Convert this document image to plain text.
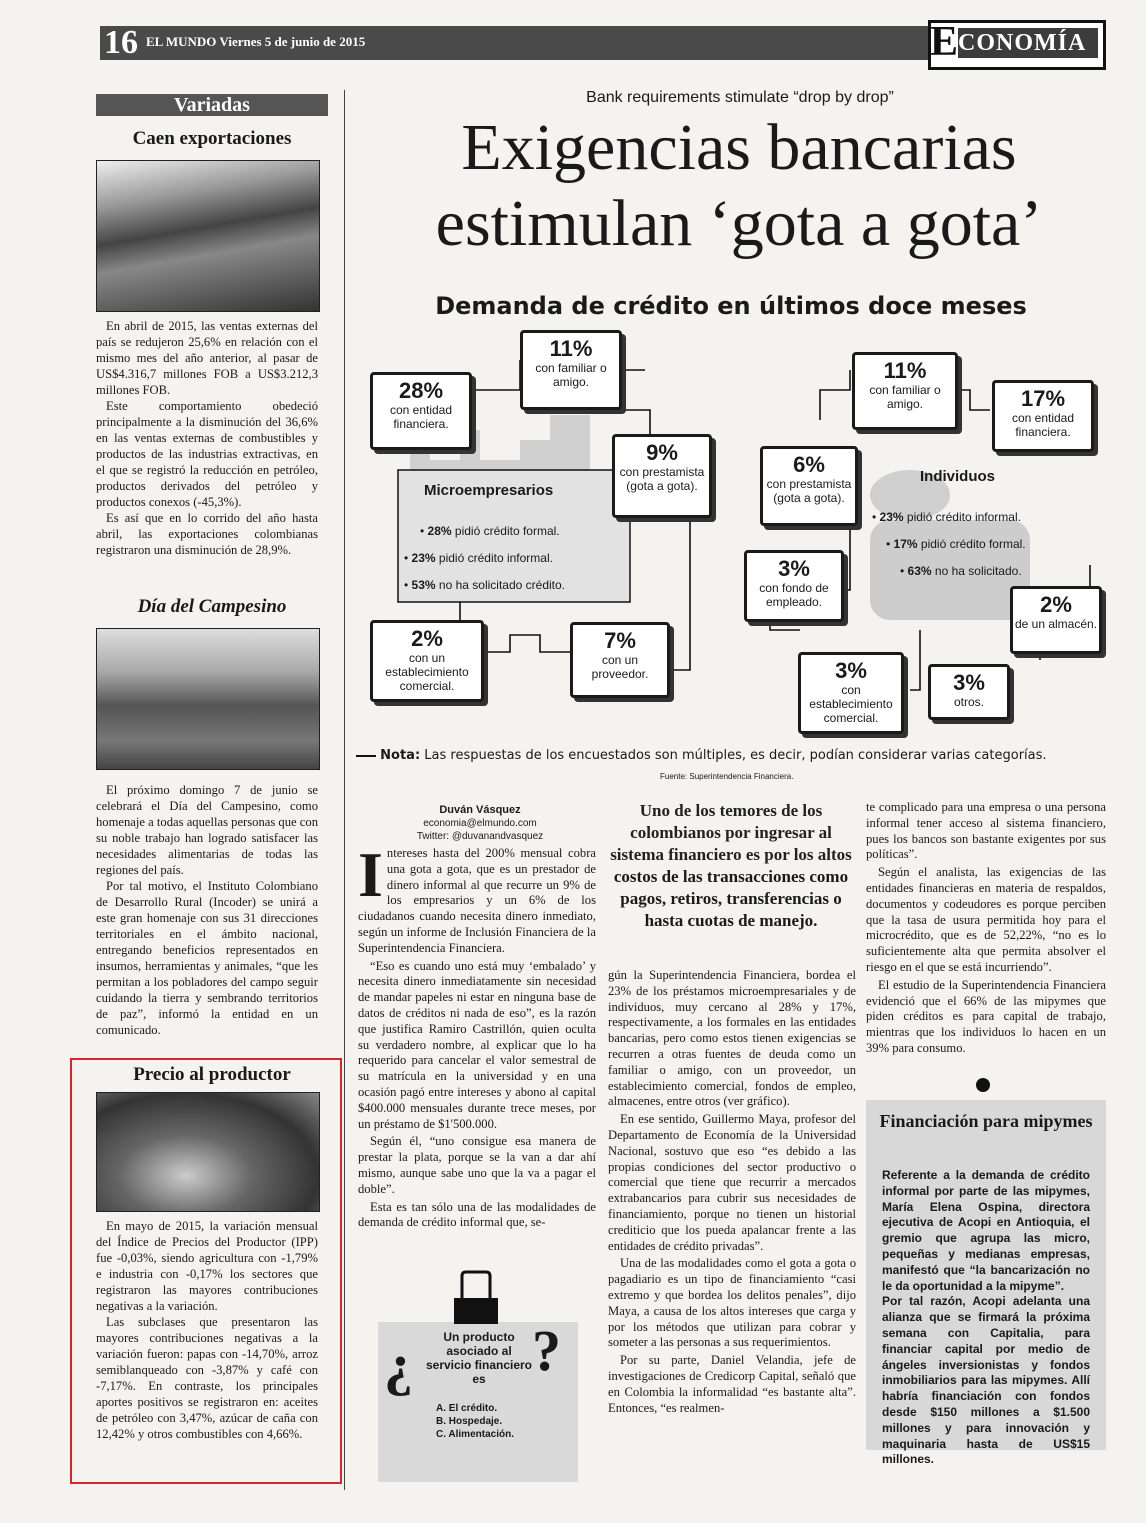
16 EL MUNDO Viernes 5 de junio de 2015	E CONOMÍA
Variadas
Caen exportaciones

En abril de 2015, las ventas externas del país se redujeron 25,6% en relación con el mismo mes del año anterior, al pasar de US$4.316,7 millones FOB a US$3.212,3 millones FOB.

Este comportamiento obedeció principalmente a la disminución del 36,6% en las ventas externas de combustibles y productos de las industrias extractivas, en el que se registró la reducción en petróleo, productos derivados del petróleo y productos conexos (-45,3%).

Es así que en lo corrido del año hasta abril, las exportaciones colombianas registraron una disminución de 28,9%.

Día del Campesino

El próximo domingo 7 de junio se celebrará el Día del Campesino, como homenaje a todas aquellas personas que con su noble trabajo han logrado satisfacer las necesidades alimentarias de todas las regiones del país.

Por tal motivo, el Instituto Colombiano de Desarrollo Rural (Incoder) se unirá a este gran homenaje con sus 31 direcciones territoriales en el ámbito nacional, entregando beneficios representados en insumos, herramientas y animales, “que les permitan a los pobladores del campo seguir cuidando la tierra y sembrando territorios de paz”, informó la entidad en un comunicado.

Precio al productor

En mayo de 2015, la variación mensual del Índice de Precios del Productor (IPP) fue -0,03%, siendo agricultura con -1,79% e industria con -0,17% los sectores que registraron las mayores contribuciones negativas a la variación.

Las subclases que presentaron las mayores contribuciones negativas a la variación fueron: papas con -14,70%, arroz semiblanqueado con -3,87% y café con -7,17%. En contraste, los principales aportes positivos se registraron en: aceites de petróleo con 3,47%, azúcar de caña con 12,42% y otros combustibles con 4,66%.

Bank requirements stimulate “drop by drop”
Exigencias bancarias
estimulan ‘gota a gota’
Demanda de crédito en últimos doce meses
Microempresarios
• 28% pidió crédito formal.
• 23% pidió crédito informal.
• 53% no ha solicitado crédito.
28%
con entidad financiera.
11%
con familiar o amigo.
9%
con prestamista (gota a gota).
2%
con un establecimiento comercial.
7%
con un proveedor.
Individuos
• 23% pidió crédito informal.
• 17% pidió crédito formal.
• 63% no ha solicitado.
11%
con familiar o amigo.	17%
con entidad financiera.
6%
con prestamista (gota a gota).
3%
con fondo de empleado.	2%
de un almacén.
3%
con establecimiento comercial.
3%
otros.
Nota: Las respuestas de los encuestados son múltiples, es decir, podían considerar varias categorías.
Fuente: Superintendencia Financiera.
Duván Vásquez
economia@elmundo.com
Twitter: @duvanandvasquez
I ntereses hasta del 200% mensual cobra una gota a gota, que es un prestador de dinero informal al que recurre un 9% de los empresarios y un 6% de los ciudadanos cuando necesita dinero inmediato, según un informe de Inclusión Financiera de la Superintendencia Financiera.

“Eso es cuando uno está muy ‘embalado’ y necesita dinero inmediatamente sin necesidad de mandar papeles ni estar en ninguna base de datos de créditos ni nada de eso”, es la razón que justifica Ramiro Castrillón, quien oculta su verdadero nombre, al explicar que lo ha requerido para cancelar el valor semestral de su matrícula en la universidad y en una ocasión pagó entre intereses y abono al capital $400.000 mensuales durante trece meses, por un préstamo de $1'500.000.

Según él, “uno consigue esa manera de prestar la plata, porque se la van a dar ahí mismo, aunque sabe uno que la va a pagar el doble”.

Esta es tan sólo una de las modalidades de demanda de crédito informal que, se-

Uno de los temores de los colombianos por ingresar al sistema financiero es por los altos costos de las transacciones como pagos, retiros, transferencias o hasta cuotas de manejo.

gún la Superintendencia Financiera, bordea el 23% de los préstamos microempresariales y de individuos, muy cercano al 28% y 17%, respectivamente, a los formales en las entidades bancarias, pero como estos tienen exigencias se recurren a otras fuentes de deuda como un familiar o amigo, con un proveedor, un establecimiento comercial, fondos de empleo, almacenes, entre otros (ver gráfico).

En ese sentido, Guillermo Maya, profesor del Departamento de Economía de la Universidad Nacional, sostuvo que eso “es debido a las propias condiciones del sector productivo o comercial que tiene que recurrir a mercados extrabancarios para cubrir sus necesidades de financiamiento, porque no tienen un historial crediticio que los pueda apalancar frente a las entidades de crédito privadas”.

Una de las modalidades como el gota a gota o pagadiario es un tipo de financiamiento “casi extremo y que bordea los delitos penales”, dijo Maya, a causa de los altos intereses que carga y por los métodos que utilizan para cobrar y someter a las personas a sus requerimientos.

Por su parte, Daniel Velandia, jefe de investigaciones de Credicorp Capital, señaló que en Colombia la informalidad “es bastante alta”. Entonces, “es realmen-

te complicado para una empresa o una persona informal tener acceso al sistema financiero, pues los bancos son bastante exigentes por sus políticas”.

Según el analista, las exigencias de las entidades financieras en materia de respaldos, documentos y codeudores es porque perciben que la tasa de usura permitida hoy para el microcrédito, que es de 52,22%, “no es lo suficientemente alta que permita absolver el riesgo en el que se está incurriendo”.

El estudio de la Superintendencia Financiera evidenció que el 66% de las mipymes que piden créditos es para capital de trabajo, mientras que los individuos lo hacen en un 39% para consumo.

¿ ?
Un producto asociado al servicio financiero es
A. El crédito.
B. Hospedaje.
C. Alimentación.
Financiación para mipymes

Referente a la demanda de crédito informal por parte de las mipymes, María Elena Ospina, directora ejecutiva de Acopi en Antioquia, el gremio que agrupa las micro, pequeñas y medianas empresas, manifestó que “la bancarización no le da oportunidad a la mipyme”.

Por tal razón, Acopi adelanta una alianza que se firmará la próxima semana con Capitalia, para financiar capital por medio de ángeles inversionistas y fondos inmobiliarios para las mipymes. Allí habría financiación con fondos desde $150 millones a $1.500 millones y para innovación y maquinaria hasta de US$15 millones.
